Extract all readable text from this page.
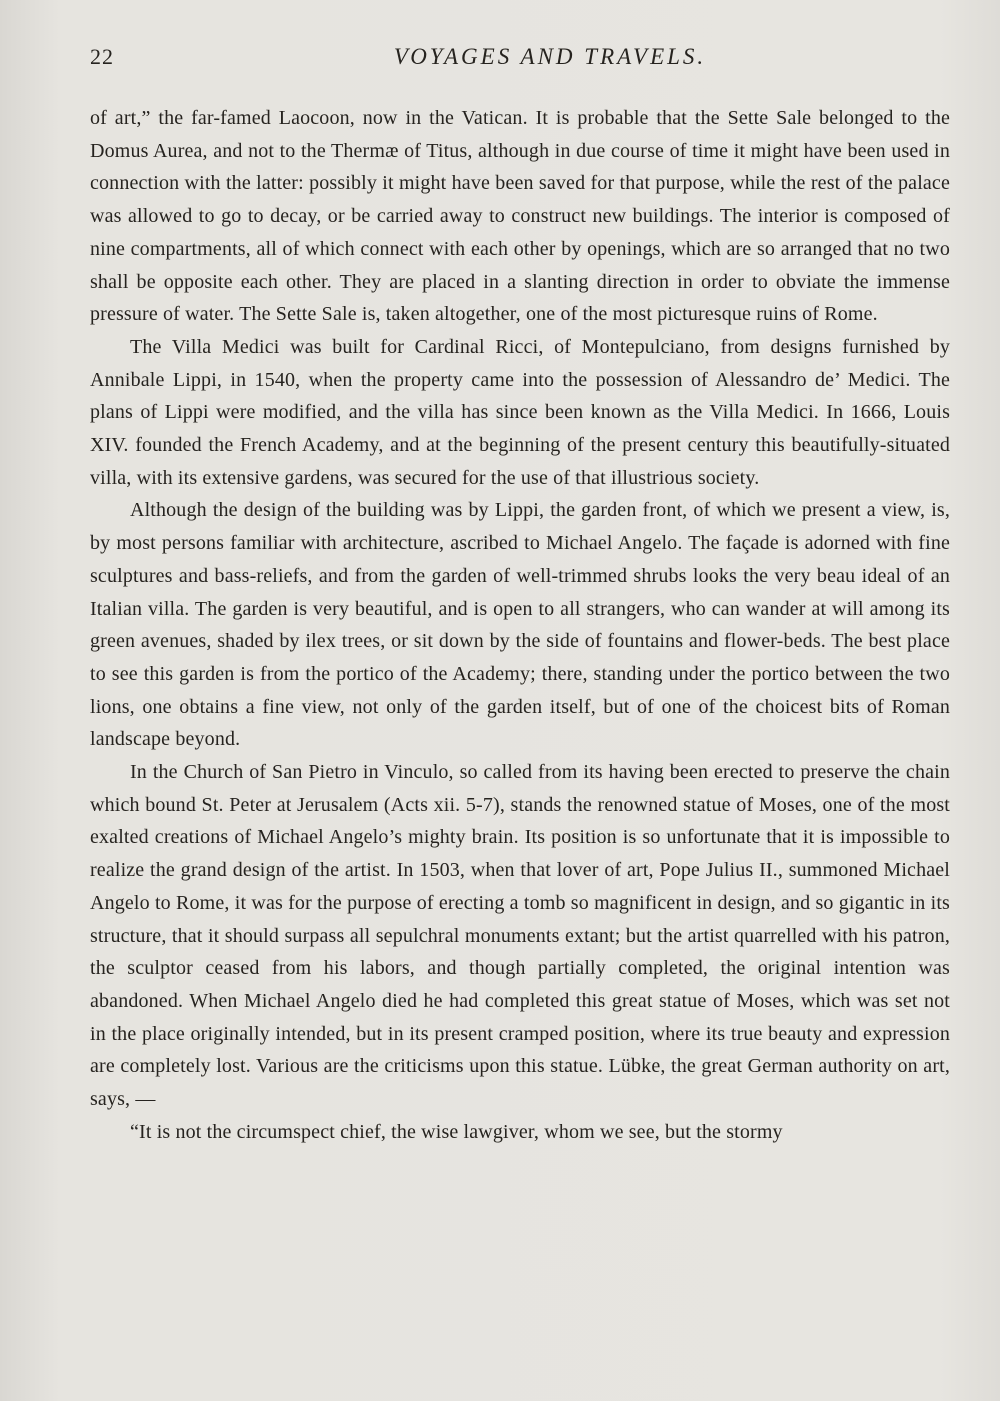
22	VOYAGES AND TRAVELS.

of art,” the far-famed Laocoon, now in the Vatican. It is probable that the Sette Sale belonged to the Domus Aurea, and not to the Thermæ of Titus, although in due course of time it might have been used in connection with the latter: possibly it might have been saved for that purpose, while the rest of the palace was allowed to go to decay, or be carried away to construct new buildings. The interior is composed of nine compartments, all of which connect with each other by openings, which are so arranged that no two shall be opposite each other. They are placed in a slanting direction in order to obviate the immense pressure of water. The Sette Sale is, taken altogether, one of the most picturesque ruins of Rome.

The Villa Medici was built for Cardinal Ricci, of Montepulciano, from designs furnished by Annibale Lippi, in 1540, when the property came into the possession of Alessandro de’ Medici. The plans of Lippi were modified, and the villa has since been known as the Villa Medici. In 1666, Louis XIV. founded the French Academy, and at the beginning of the present century this beautifully-situated villa, with its extensive gardens, was secured for the use of that illustrious society.

Although the design of the building was by Lippi, the garden front, of which we present a view, is, by most persons familiar with architecture, ascribed to Michael Angelo. The façade is adorned with fine sculptures and bass-reliefs, and from the garden of well-trimmed shrubs looks the very beau ideal of an Italian villa. The garden is very beautiful, and is open to all strangers, who can wander at will among its green avenues, shaded by ilex trees, or sit down by the side of fountains and flower-beds. The best place to see this garden is from the portico of the Academy; there, standing under the portico between the two lions, one obtains a fine view, not only of the garden itself, but of one of the choicest bits of Roman landscape beyond.

In the Church of San Pietro in Vinculo, so called from its having been erected to preserve the chain which bound St. Peter at Jerusalem (Acts xii. 5-7), stands the renowned statue of Moses, one of the most exalted creations of Michael Angelo’s mighty brain. Its position is so unfortunate that it is impossible to realize the grand design of the artist. In 1503, when that lover of art, Pope Julius II., summoned Michael Angelo to Rome, it was for the purpose of erecting a tomb so magnificent in design, and so gigantic in its structure, that it should surpass all sepulchral monuments extant; but the artist quarrelled with his patron, the sculptor ceased from his labors, and though partially completed, the original intention was abandoned. When Michael Angelo died he had completed this great statue of Moses, which was set not in the place originally intended, but in its present cramped position, where its true beauty and expression are completely lost. Various are the criticisms upon this statue. Lübke, the great German authority on art, says, —

“It is not the circumspect chief, the wise lawgiver, whom we see, but the stormy
